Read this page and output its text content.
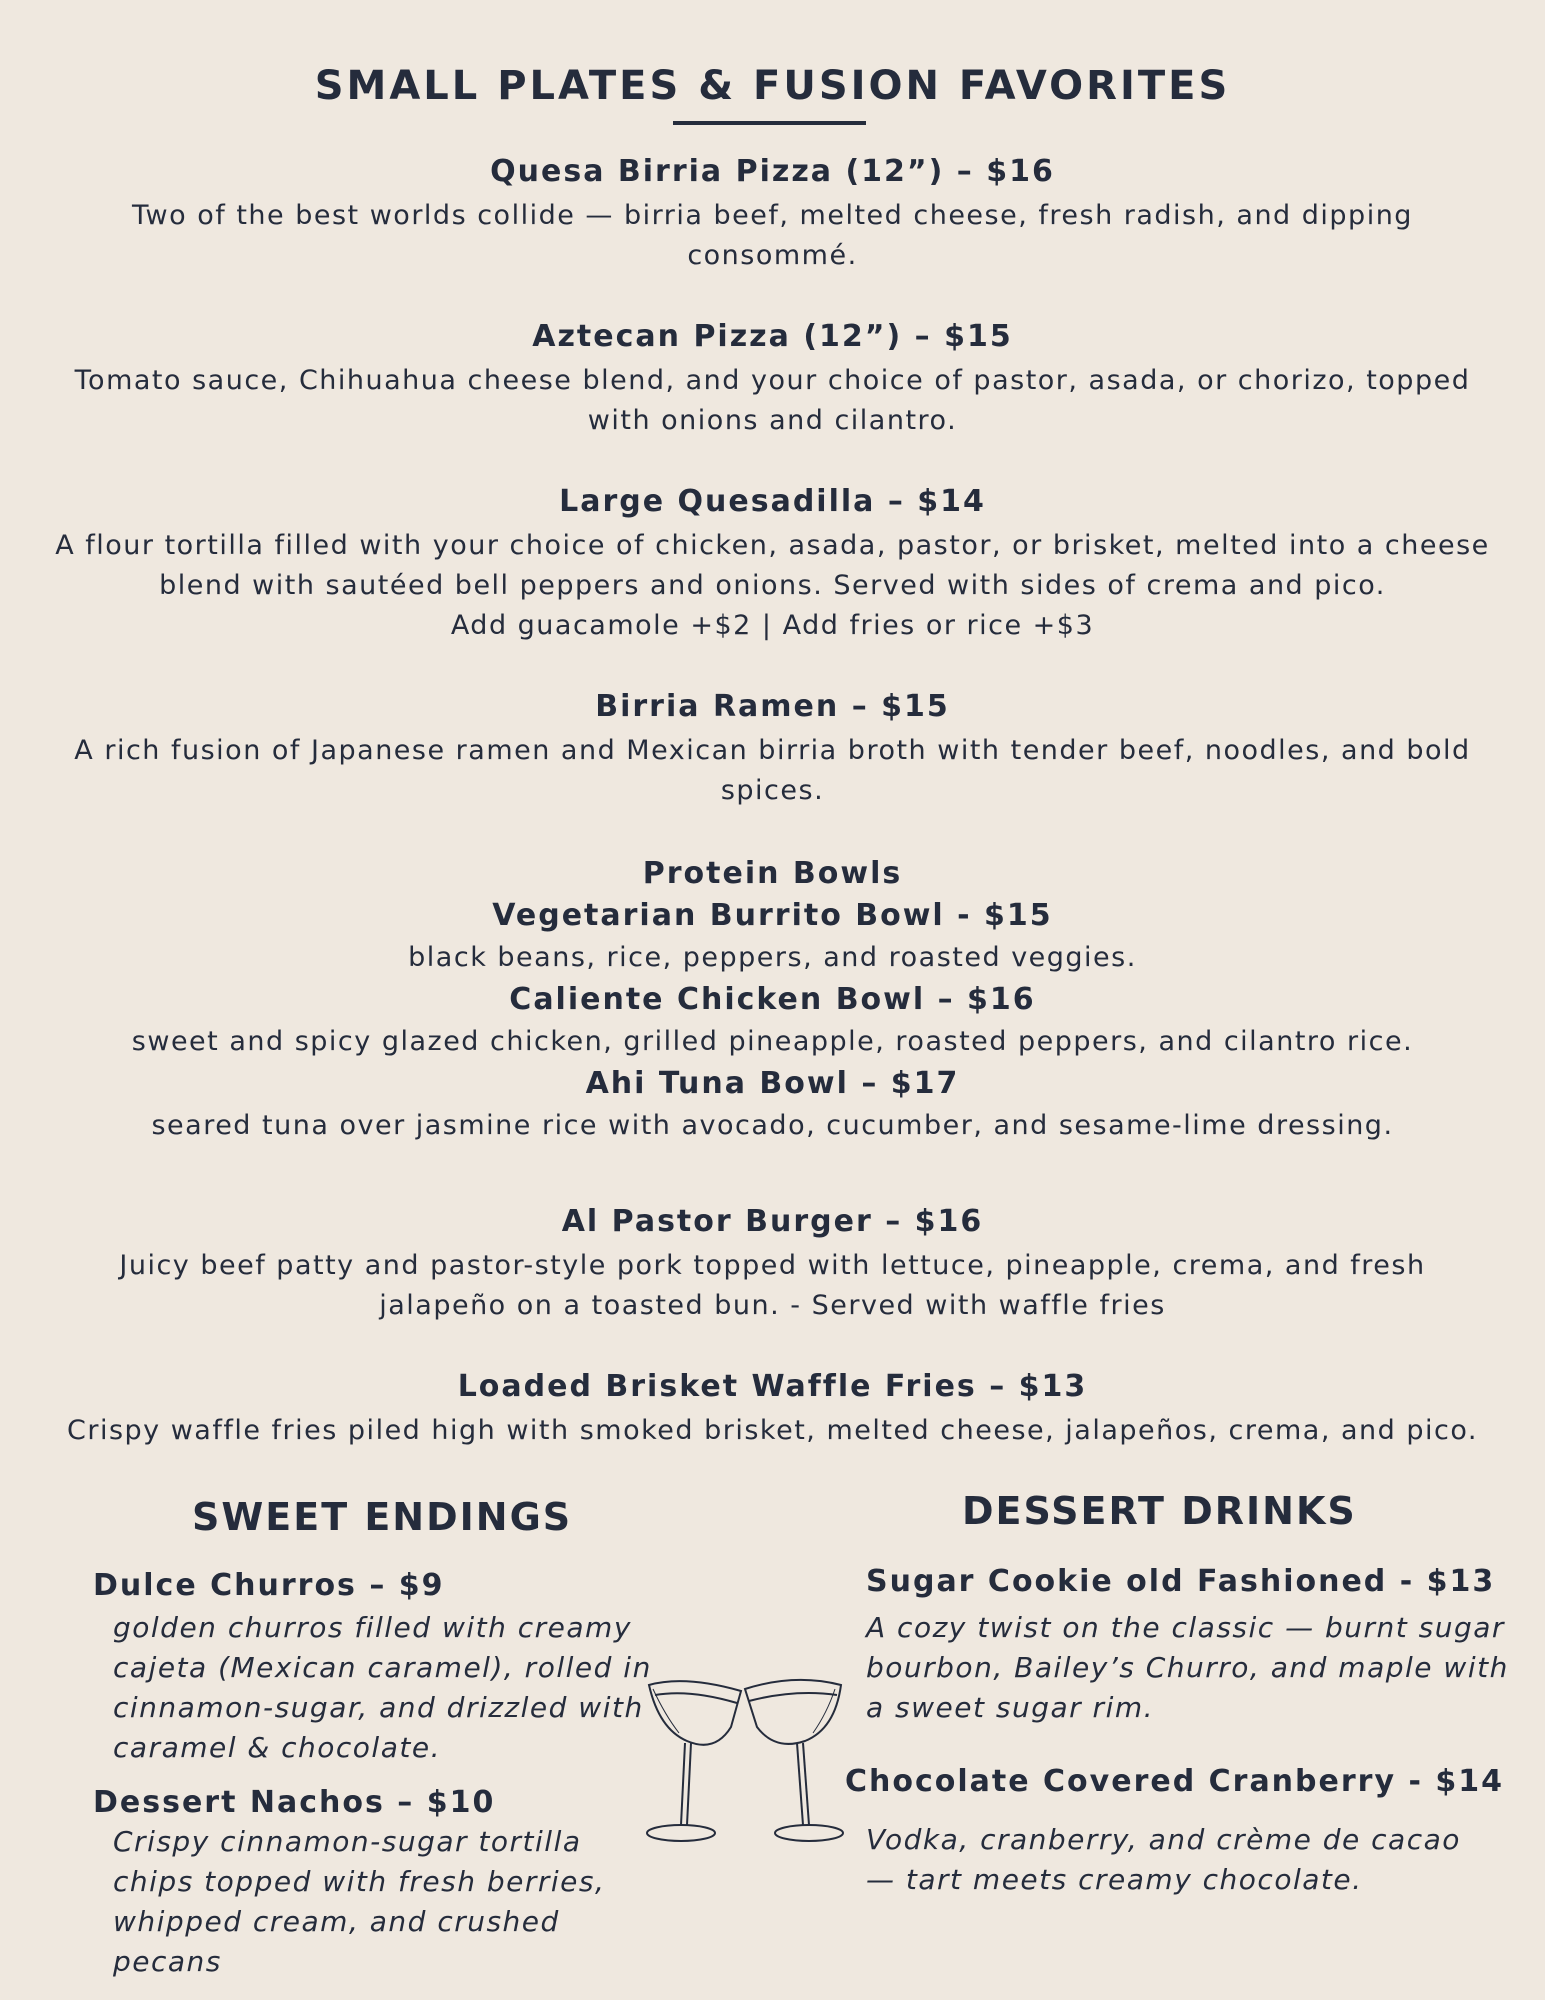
SMALL PLATES & FUSION FAVORITES
Quesa Birria Pizza (12”) – $16

Two of the best worlds collide — birria beef, melted cheese, fresh radish, and dipping consommé.

Aztecan Pizza (12”) – $15

Tomato sauce, Chihuahua cheese blend, and your choice of pastor, asada, or chorizo, topped with onions and cilantro.

Large Quesadilla – $14

A flour tortilla filled with your choice of chicken, asada, pastor, or brisket, melted into a cheese blend with sautéed bell peppers and onions. Served with sides of crema and pico.

Add guacamole +$2 | Add fries or rice +$3

Birria Ramen – $15

A rich fusion of Japanese ramen and Mexican birria broth with tender beef, noodles, and bold spices.

Protein Bowls
Vegetarian Burrito Bowl - $15
black beans, rice, peppers, and roasted veggies.
Caliente Chicken Bowl – $16
sweet and spicy glazed chicken, grilled pineapple, roasted peppers, and cilantro rice.
Ahi Tuna Bowl – $17
seared tuna over jasmine rice with avocado, cucumber, and sesame-lime dressing.
Al Pastor Burger – $16

Juicy beef patty and pastor-style pork topped with lettuce, pineapple, crema, and fresh jalapeño on a toasted bun. - Served with waffle fries

Loaded Brisket Waffle Fries – $13

Crispy waffle fries piled high with smoked brisket, melted cheese, jalapeños, crema, and pico.

SWEET ENDINGS
Dulce Churros – $9

golden churros filled with creamy cajeta (Mexican caramel), rolled in cinnamon-sugar, and drizzled with caramel & chocolate.

Dessert Nachos – $10

Crispy cinnamon-sugar tortilla chips topped with fresh berries, whipped cream, and crushed pecans

DESSERT DRINKS
Sugar Cookie old Fashioned - $13

A cozy twist on the classic — burnt sugar bourbon, Bailey’s Churro, and maple with a sweet sugar rim.

Chocolate Covered Cranberry - $14

Vodka, cranberry, and crème de cacao — tart meets creamy chocolate.
